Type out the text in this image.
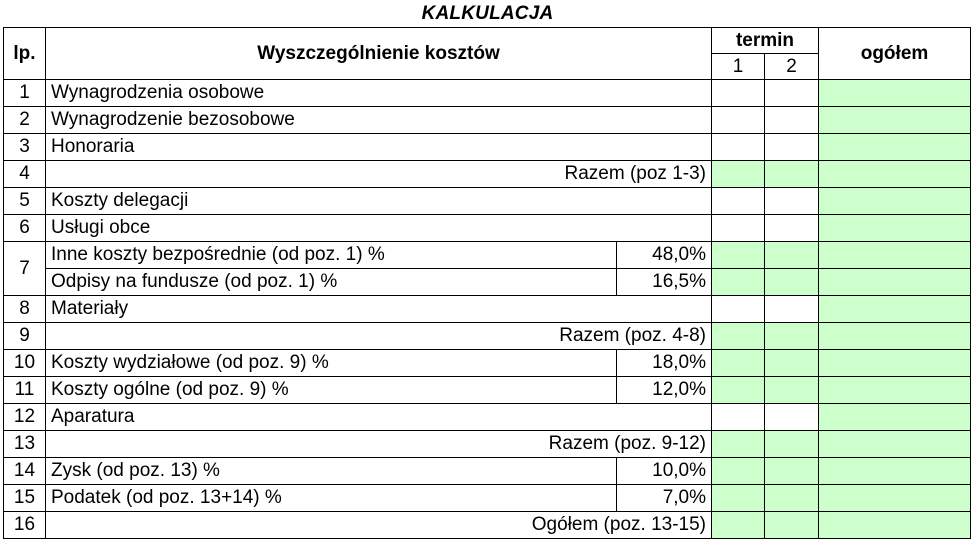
KALKULACJA
lp.	Wyszczególnienie kosztów		termin		ogółem
			1	2	
1	Wynagrodzenia osobowe				
2	Wynagrodzenie bezosobowe				
3	Honoraria				
4	Razem (poz 1-3)				
5	Koszty delegacji				
6	Usługi obce				
7	Inne koszty bezpośrednie (od poz. 1) %	48,0%			
	Odpisy na fundusze (od poz. 1) %	16,5%			
8	Materiały				
9	Razem (poz. 4-8)				
10	Koszty wydziałowe (od poz. 9) %	18,0%			
11	Koszty ogólne (od poz. 9) %	12,0%			
12	Aparatura				
13	Razem (poz. 9-12)				
14	Zysk (od poz. 13) %	10,0%			
15	Podatek (od poz. 13+14) %	7,0%			
16	Ogółem (poz. 13-15)				
